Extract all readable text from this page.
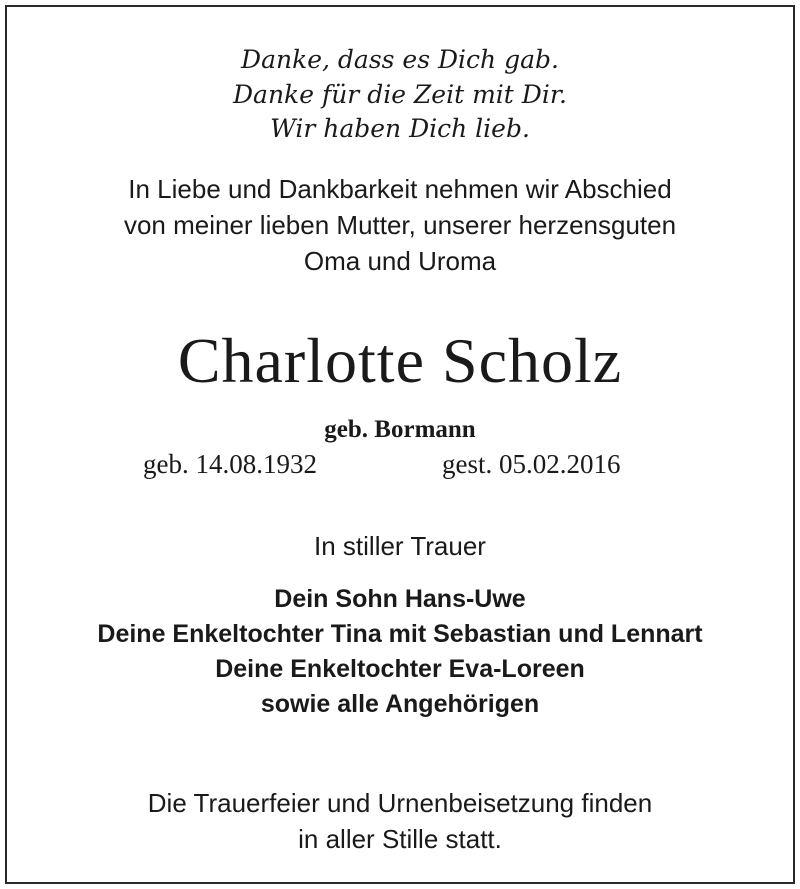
Danke, dass es Dich gab.
Danke für die Zeit mit Dir.
Wir haben Dich lieb.
In Liebe und Dankbarkeit nehmen wir Abschied
von meiner lieben Mutter, unserer herzensguten
Oma und Uroma
Charlotte Scholz
geb. Bormann
geb. 14.08.1932	gest. 05.02.2016
In stiller Trauer
Dein Sohn Hans-Uwe
Deine Enkeltochter Tina mit Sebastian und Lennart
Deine Enkeltochter Eva-Loreen
sowie alle Angehörigen
Die Trauerfeier und Urnenbeisetzung finden
in aller Stille statt.
